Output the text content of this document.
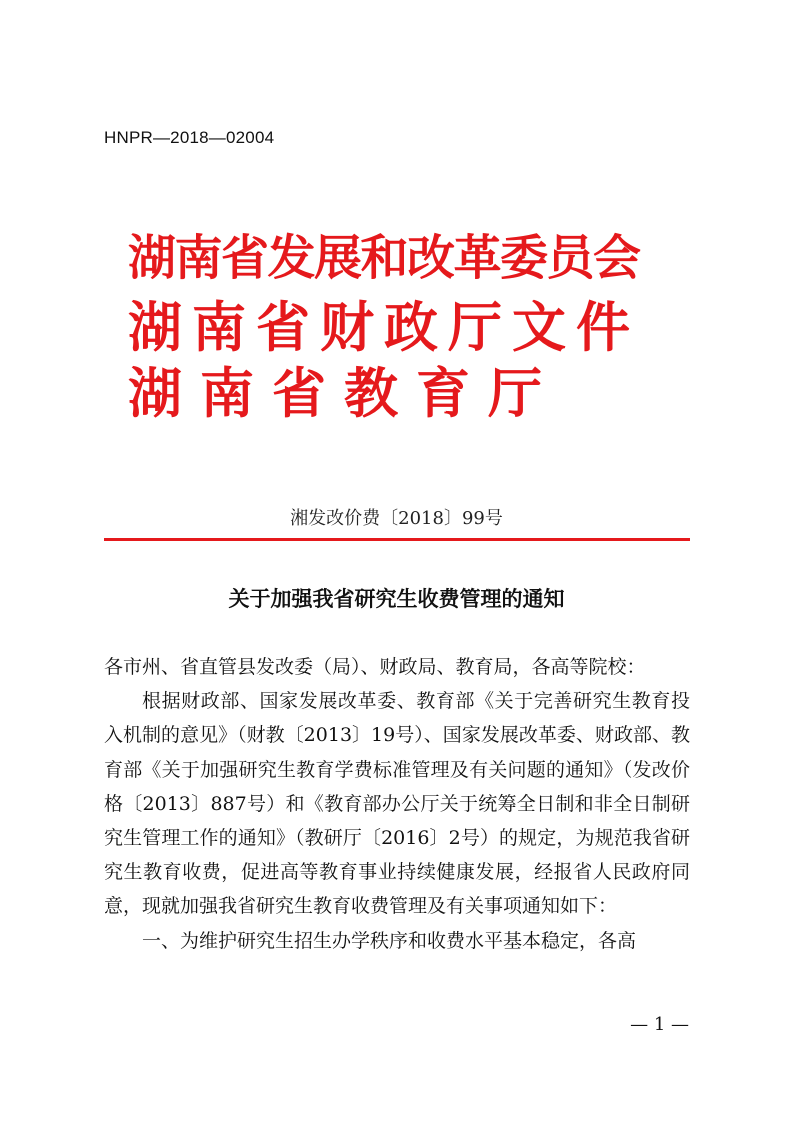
HNPR—2018—02004
湖南省发展和改革委员会
湖南省财政厅文件
湖南省教育厅
湘发改价费〔2018〕99号
关于加强我省研究生收费管理的通知

各市州、省直管县发改委（局）、财政局、教育局，各高等院校：

根据财政部、国家发展改革委、教育部《关于完善研究生教育投入机制的意见》（财教〔2013〕19号）、国家发展改革委、财政部、教育部《关于加强研究生教育学费标准管理及有关问题的通知》（发改价格〔2013〕887号）和《教育部办公厅关于统筹全日制和非全日制研究生管理工作的通知》（教研厅〔2016〕2号）的规定，为规范我省研究生教育收费，促进高等教育事业持续健康发展，经报省人民政府同意，现就加强我省研究生教育收费管理及有关事项通知如下：

一、为维护研究生招生办学秩序和收费水平基本稳定，各高

— 1 —
